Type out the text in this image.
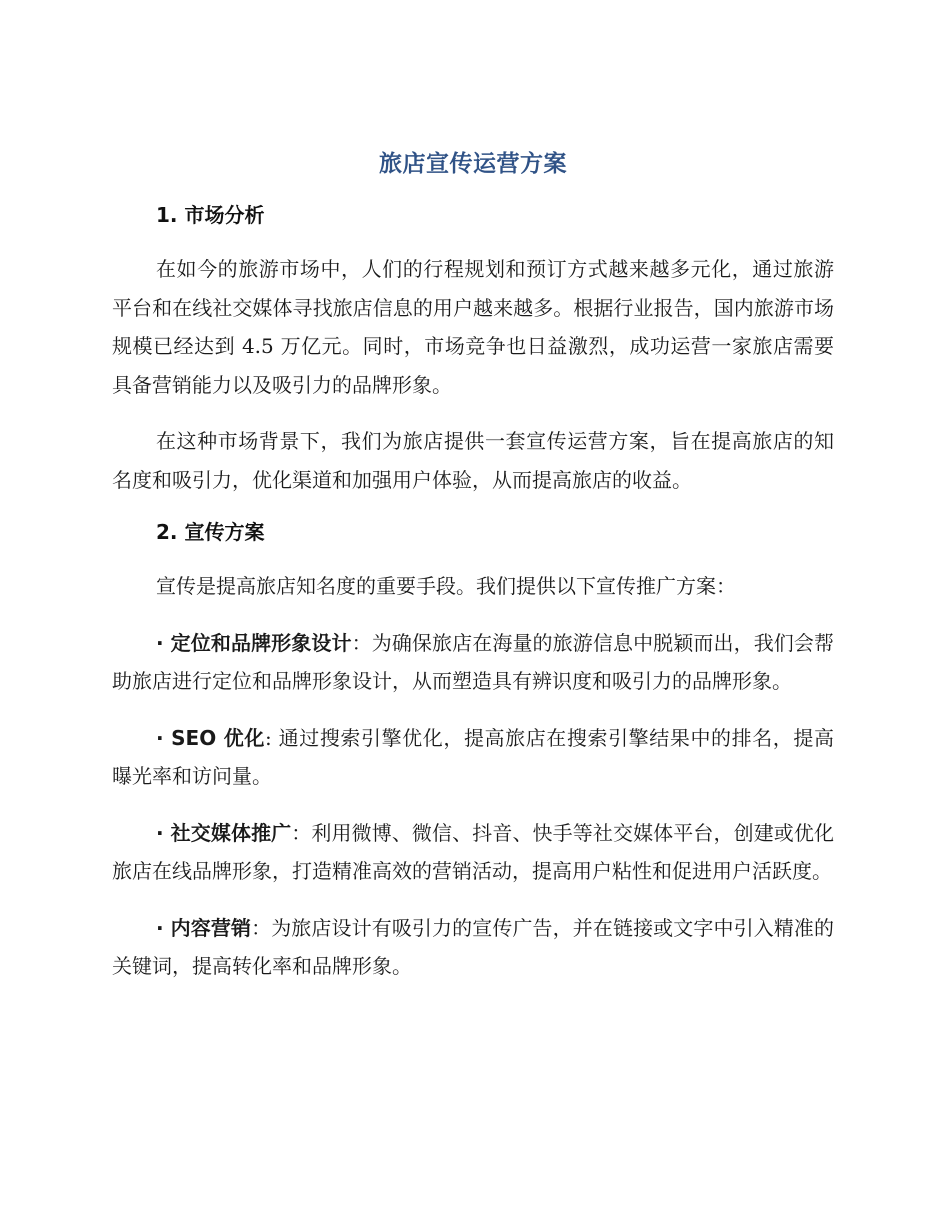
旅店宣传运营方案
1. 市场分析

在如今的旅游市场中，人们的行程规划和预订方式越来越多元化，通过旅游平台和在线社交媒体寻找旅店信息的用户越来越多。根据行业报告，国内旅游市场规模已经达到 4.5 万亿元。同时，市场竞争也日益激烈，成功运营一家旅店需要具备营销能力以及吸引力的品牌形象。

在这种市场背景下，我们为旅店提供一套宣传运营方案，旨在提高旅店的知名度和吸引力，优化渠道和加强用户体验，从而提高旅店的收益。

2. 宣传方案

宣传是提高旅店知名度的重要手段。我们提供以下宣传推广方案：

· 定位和品牌形象设计：为确保旅店在海量的旅游信息中脱颖而出，我们会帮助旅店进行定位和品牌形象设计，从而塑造具有辨识度和吸引力的品牌形象。

· SEO 优化: 通过搜索引擎优化，提高旅店在搜索引擎结果中的排名，提高曝光率和访问量。

· 社交媒体推广：利用微博、微信、抖音、快手等社交媒体平台，创建或优化旅店在线品牌形象，打造精准高效的营销活动，提高用户粘性和促进用户活跃度。

· 内容营销：为旅店设计有吸引力的宣传广告，并在链接或文字中引入精准的关键词，提高转化率和品牌形象。
